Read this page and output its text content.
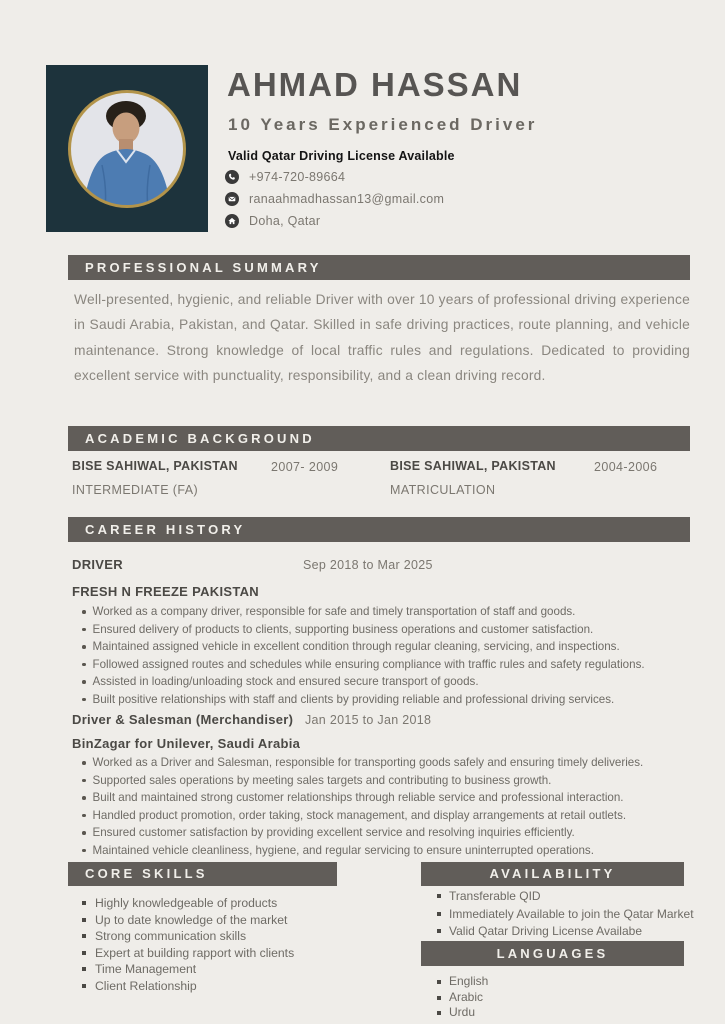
AHMAD HASSAN
10 Years Experienced Driver
Valid Qatar Driving License Available
+974-720-89664
ranaahmadhassan13@gmail.com
Doha, Qatar
PROFESSIONAL SUMMARY
Well-presented, hygienic, and reliable Driver with over 10 years of professional driving experience in Saudi Arabia, Pakistan, and Qatar. Skilled in safe driving practices, route planning, and vehicle maintenance. Strong knowledge of local traffic rules and regulations. Dedicated to providing excellent service with punctuality, responsibility, and a clean driving record.
ACADEMIC BACKGROUND
BISE SAHIWAL, PAKISTAN	2007- 2009	BISE SAHIWAL, PAKISTAN	2004-2006
INTERMEDIATE (FA)	MATRICULATION
CAREER HISTORY
DRIVER	Sep 2018 to Mar 2025
FRESH N FREEZE PAKISTAN
Worked as a company driver, responsible for safe and timely transportation of staff and goods.
Ensured delivery of products to clients, supporting business operations and customer satisfaction.
Maintained assigned vehicle in excellent condition through regular cleaning, servicing, and inspections.
Followed assigned routes and schedules while ensuring compliance with traffic rules and safety regulations.
Assisted in loading/unloading stock and ensured secure transport of goods.
Built positive relationships with staff and clients by providing reliable and professional driving services.
Driver & Salesman (Merchandiser) Jan 2015 to Jan 2018
BinZagar for Unilever, Saudi Arabia
Worked as a Driver and Salesman, responsible for transporting goods safely and ensuring timely deliveries.
Supported sales operations by meeting sales targets and contributing to business growth.
Built and maintained strong customer relationships through reliable service and professional interaction.
Handled product promotion, order taking, stock management, and display arrangements at retail outlets.
Ensured customer satisfaction by providing excellent service and resolving inquiries efficiently.
Maintained vehicle cleanliness, hygiene, and regular servicing to ensure uninterrupted operations.
CORE SKILLS
Highly knowledgeable of products
Up to date knowledge of the market
Strong communication skills
Expert at building rapport with clients
Time Management
Client Relationship
AVAILABILITY
Transferable QID
Immediately Available to join the Qatar Market
Valid Qatar Driving License Availabe
LANGUAGES
English
Arabic
Urdu
